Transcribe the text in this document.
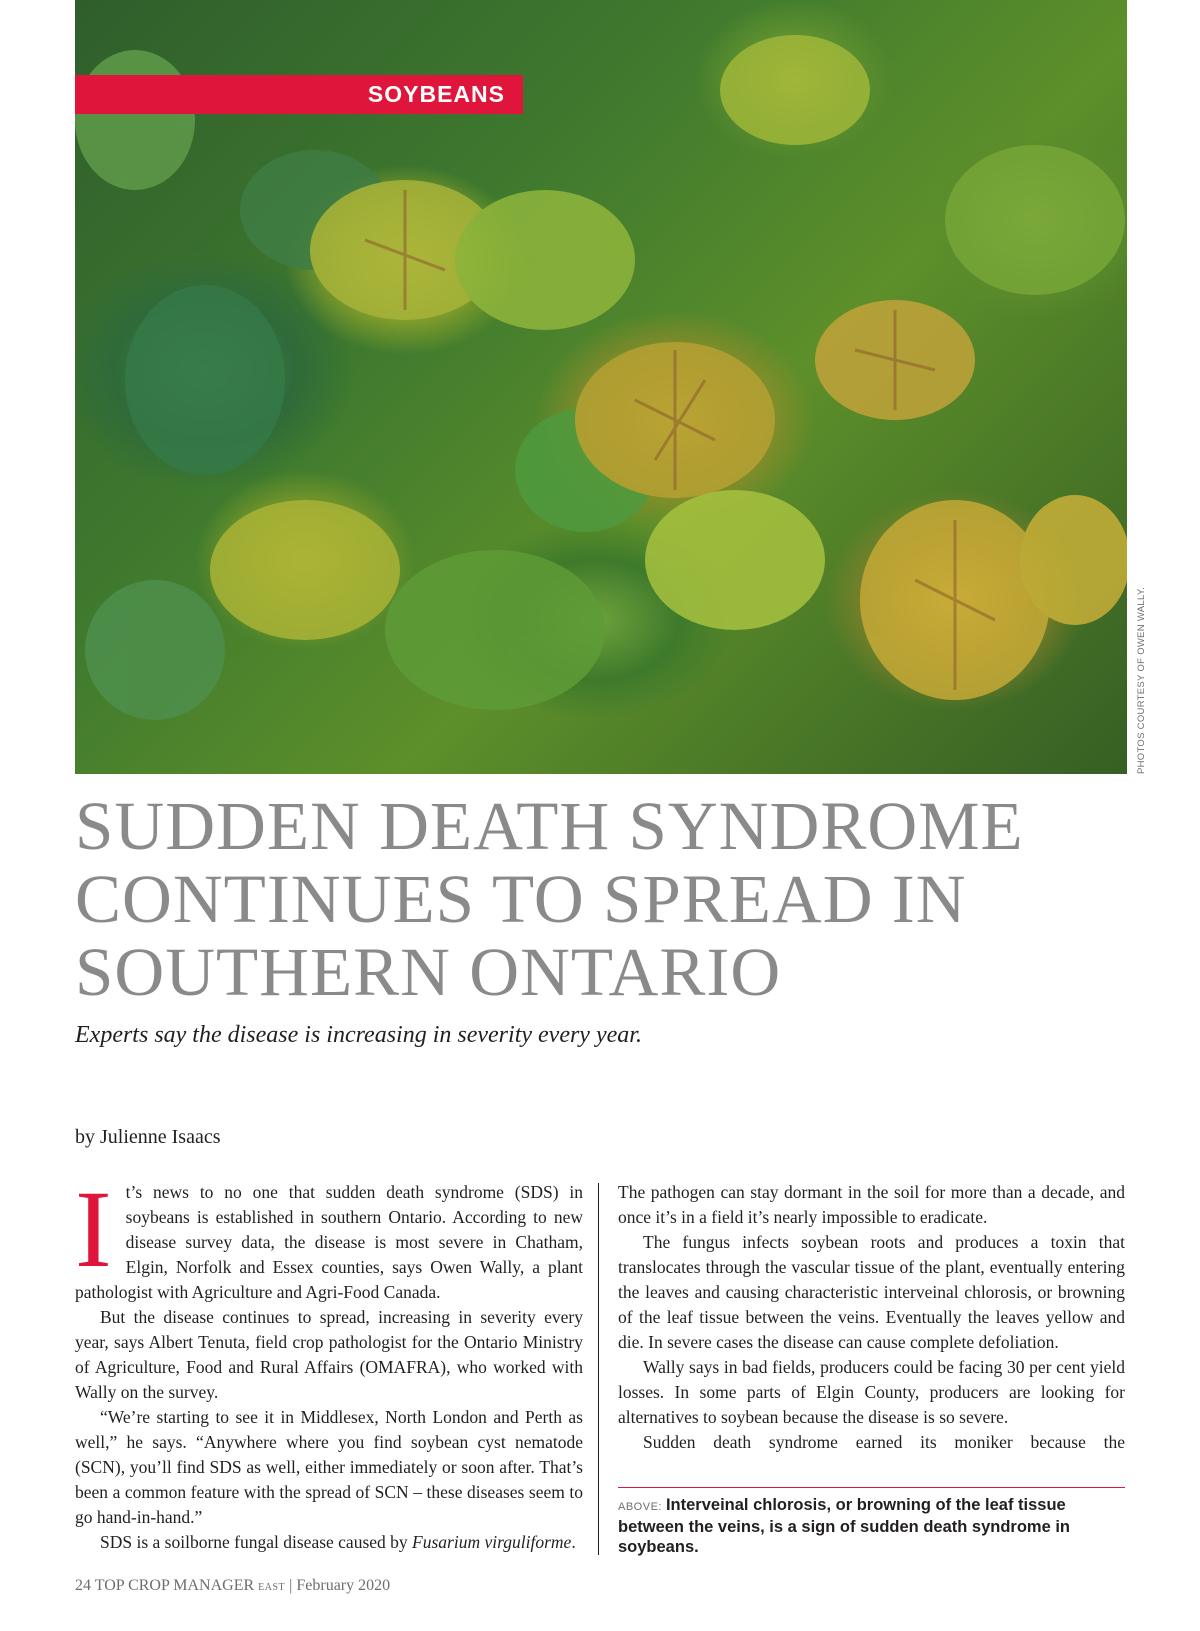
SOYBEANS
PHOTOS COURTESY OF OWEN WALLY.
SUDDEN DEATH SYNDROME
CONTINUES TO SPREAD IN
SOUTHERN ONTARIO

Experts say the disease is increasing in severity every year.

by Julienne Isaacs

It’s news to no one that sudden death syndrome (SDS) in soybeans is established in southern Ontario. According to new disease survey data, the disease is most severe in Chatham, Elgin, Norfolk and Essex counties, says Owen Wally, a plant pathologist with Agriculture and Agri-Food Canada.

But the disease continues to spread, increasing in severity every year, says Albert Tenuta, field crop pathologist for the Ontario Ministry of Agriculture, Food and Rural Affairs (OMAFRA), who worked with Wally on the survey.

“We’re starting to see it in Middlesex, North London and Perth as well,” he says. “Anywhere where you find soybean cyst nematode (SCN), you’ll find SDS as well, either immediately or soon after. That’s been a common feature with the spread of SCN – these diseases seem to go hand-in-hand.”

SDS is a soilborne fungal disease caused by Fusarium virguliforme.

The pathogen can stay dormant in the soil for more than a decade, and once it’s in a field it’s nearly impossible to eradicate.

The fungus infects soybean roots and produces a toxin that translocates through the vascular tissue of the plant, eventually entering the leaves and causing characteristic interveinal chlorosis, or browning of the leaf tissue between the veins. Eventually the leaves yellow and die. In severe cases the disease can cause complete defoliation.

Wally says in bad fields, producers could be facing 30 per cent yield losses. In some parts of Elgin County, producers are looking for alternatives to soybean because the disease is so severe.

Sudden death syndrome earned its moniker because the

ABOVE: Interveinal chlorosis, or browning of the leaf tissue between the veins, is a sign of sudden death syndrome in soybeans.
24 TOP CROP MANAGER EAST | February 2020
